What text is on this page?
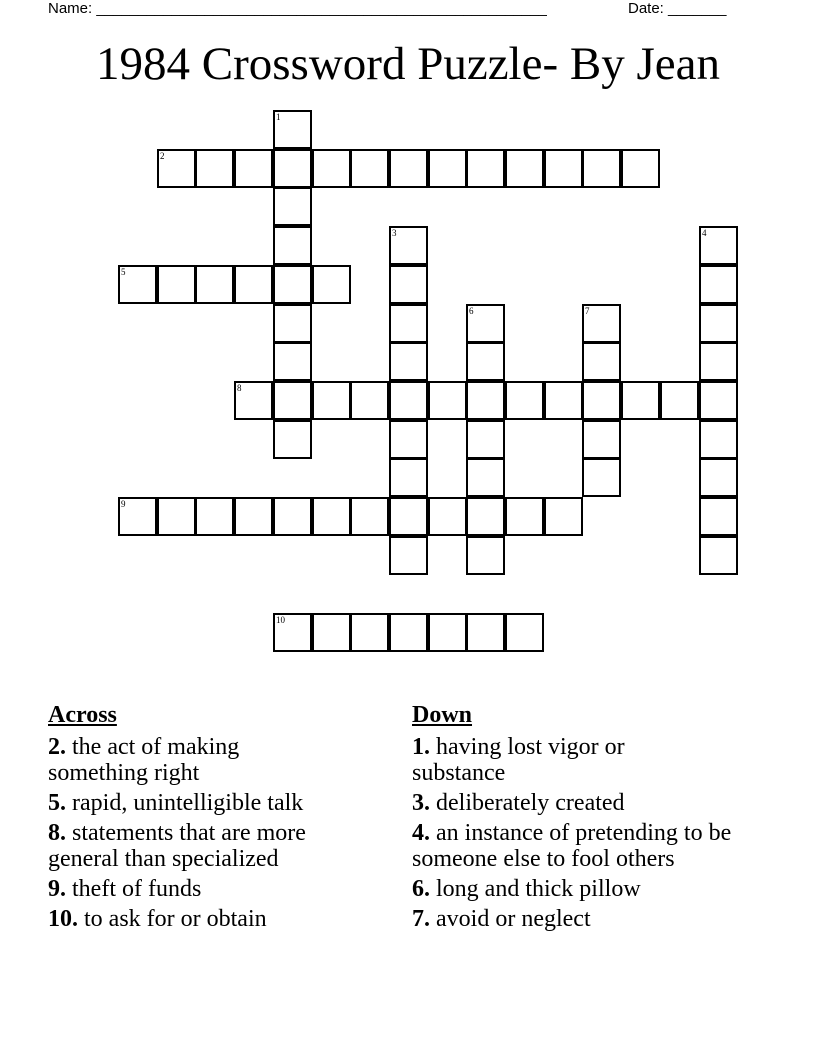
Name: ______________________________________________________	Date: _______
1984 Crossword Puzzle- By Jean
1
2
3	4
5
6	7
8
9
10
Across
2. the act of making something right
5. rapid, unintelligible talk
8. statements that are more general than specialized
9. theft of funds
10. to ask for or obtain
Down
1. having lost vigor or substance
3. deliberately created
4. an instance of pretending to be someone else to fool others
6. long and thick pillow
7. avoid or neglect
